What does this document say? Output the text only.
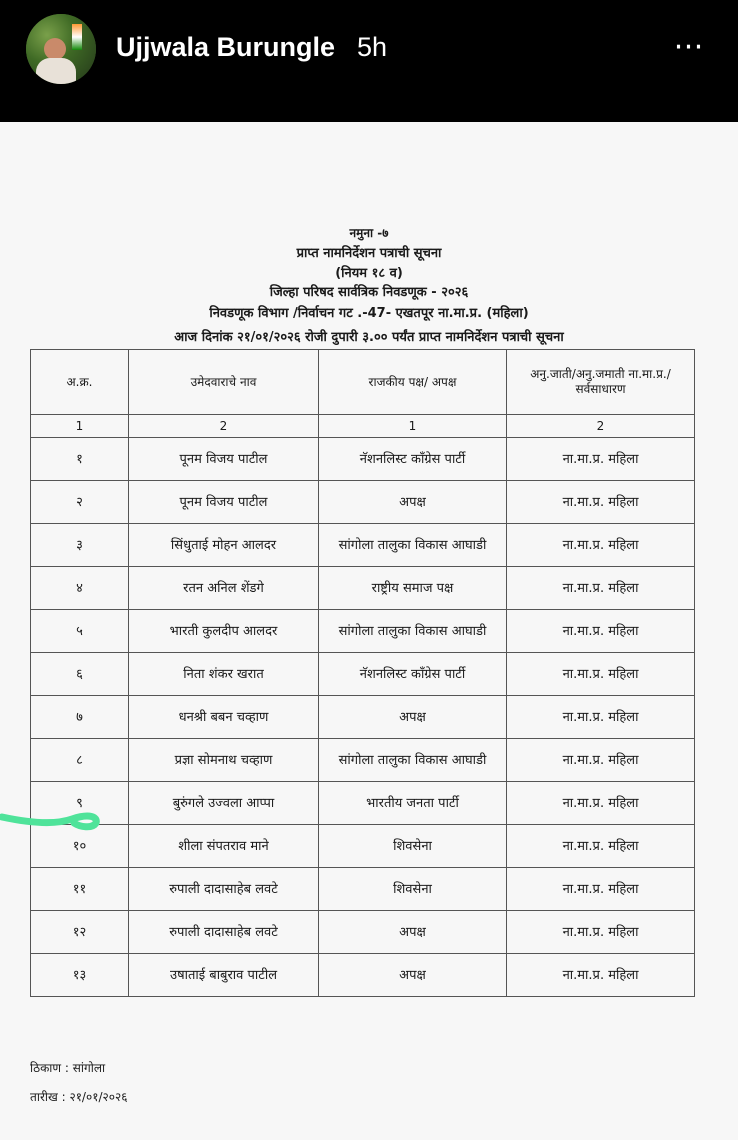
Ujjwala Burungle 5h	⋯
नमुना -७
प्राप्त नामनिर्देशन पत्राची सूचना
(नियम १८ व)
जिल्हा परिषद सार्वत्रिक निवडणूक - २०२६
निवडणूक विभाग /निर्वाचन गट .-47- एखतपूर ना.मा.प्र. (महिला)
आज दिनांक २१/०१/२०२६ रोजी दुपारी ३.०० पर्यंत प्राप्त नामनिर्देशन पत्राची सूचना
अ.क्र.	उमेदवाराचे नाव	राजकीय पक्ष/ अपक्ष	अनु.जाती/अनु.जमाती ना.मा.प्र./सर्वसाधारण
1	2	1	2
१	पूनम विजय पाटील	नॅशनलिस्ट काँग्रेस पार्टी	ना.मा.प्र. महिला
२	पूनम विजय पाटील	अपक्ष	ना.मा.प्र. महिला
३	सिंधुताई मोहन आलदर	सांगोला तालुका विकास आघाडी	ना.मा.प्र. महिला
४	रतन अनिल शेंडगे	राष्ट्रीय समाज पक्ष	ना.मा.प्र. महिला
५	भारती कुलदीप आलदर	सांगोला तालुका विकास आघाडी	ना.मा.प्र. महिला
६	निता शंकर खरात	नॅशनलिस्ट काँग्रेस पार्टी	ना.मा.प्र. महिला
७	धनश्री बबन चव्हाण	अपक्ष	ना.मा.प्र. महिला
८	प्रज्ञा सोमनाथ चव्हाण	सांगोला तालुका विकास आघाडी	ना.मा.प्र. महिला
९	बुरुंगले उज्वला आप्पा	भारतीय जनता पार्टी	ना.मा.प्र. महिला
१०	शीला संपतराव माने	शिवसेना	ना.मा.प्र. महिला
११	रुपाली दादासाहेब लवटे	शिवसेना	ना.मा.प्र. महिला
१२	रुपाली दादासाहेब लवटे	अपक्ष	ना.मा.प्र. महिला
१३	उषाताई बाबुराव पाटील	अपक्ष	ना.मा.प्र. महिला
ठिकाण : सांगोला
तारीख : २१/०१/२०२६
